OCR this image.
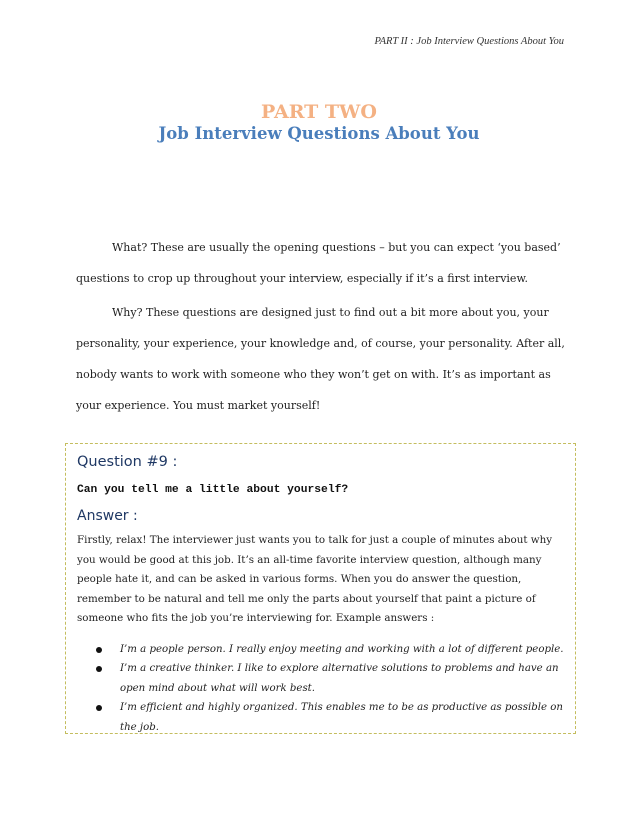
PART II : Job Interview Questions About You
PART TWO
Job Interview Questions About You

What? These are usually the opening questions – but you can expect ‘you based’ questions to crop up throughout your interview, especially if it’s a first interview.

Why? These questions are designed just to find out a bit more about you, your personality, your experience, your knowledge and, of course, your personality. After all, nobody wants to work with someone who they won’t get on with. It’s as important as your experience. You must market yourself!

Question #9 :
Can you tell me a little about yourself?
Answer :
Firstly, relax! The interviewer just wants you to talk for just a couple of minutes about why you would be good at this job. It’s an all-time favorite interview question, although many people hate it, and can be asked in various forms. When you do answer the question, remember to be natural and tell me only the parts about yourself that paint a picture of someone who fits the job you’re interviewing for. Example answers :
I’m a people person. I really enjoy meeting and working with a lot of different people.
I’m a creative thinker. I like to explore alternative solutions to problems and have an open mind about what will work best.
I’m efficient and highly organized. This enables me to be as productive as possible on the job.
